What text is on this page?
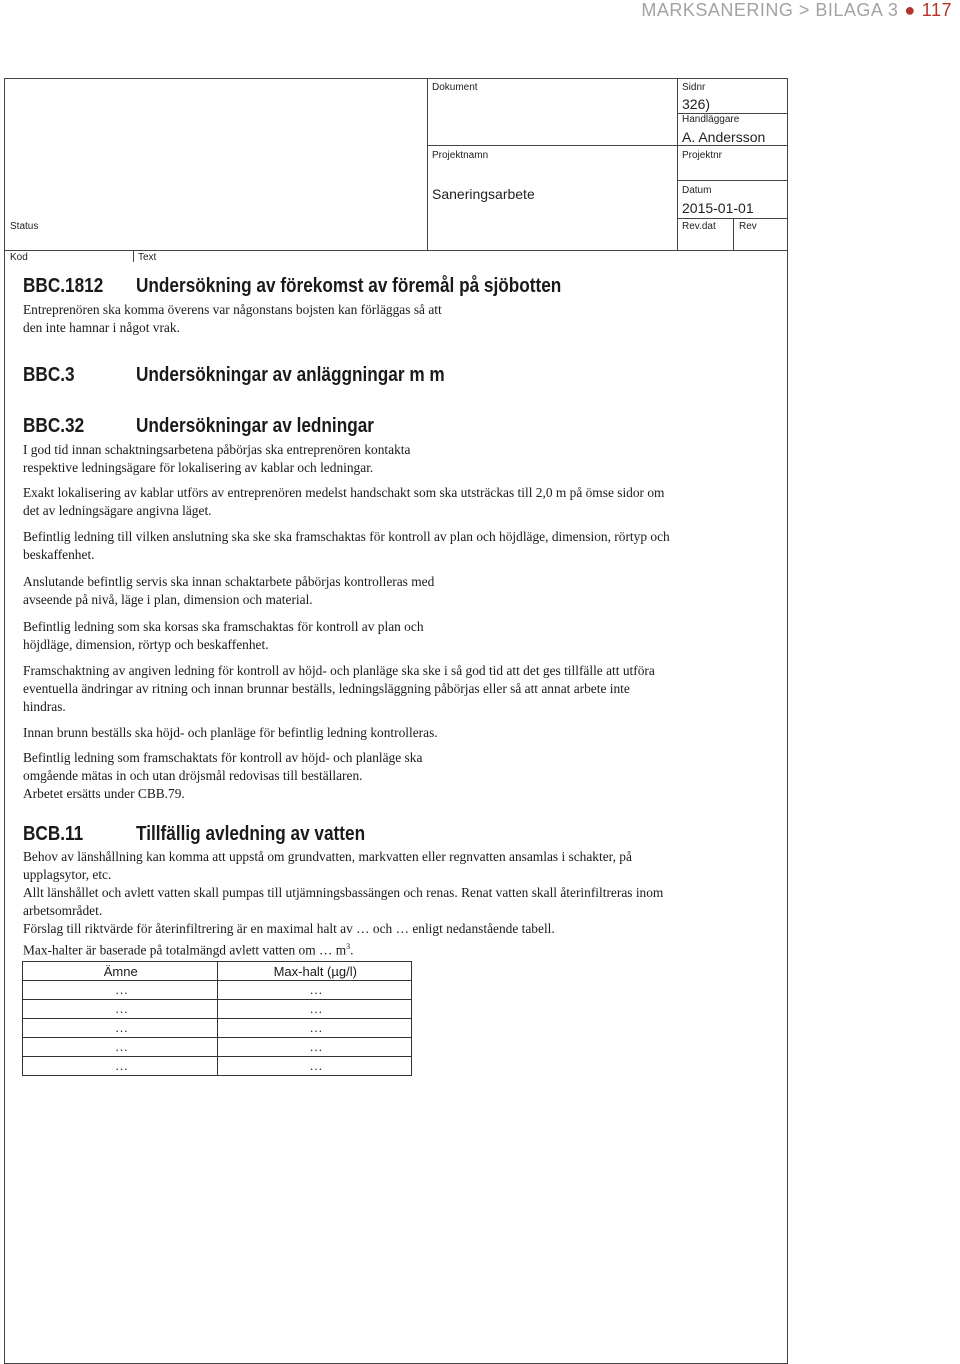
MARKSANERING > BILAGA 3 ● 117
Dokument	Sidnr
326)
Handläggare
A. Andersson
Projektnamn
Saneringsarbete
Projektnr
Datum
2015-01-01
Status	Rev.dat Rev
Kod	Text
BBC.1812 Undersökning av förekomst av föremål på sjöbotten
Entreprenören ska komma överens var någonstans bojsten kan förläggas så att
den inte hamnar i något vrak.
BBC.3	Undersökningar av anläggningar m m
BBC.32	Undersökningar av ledningar
I god tid innan schaktningsarbetena påbörjas ska entreprenören kontakta
respektive ledningsägare för lokalisering av kablar och ledningar.
Exakt lokalisering av kablar utförs av entreprenören medelst handschakt som ska utsträckas till 2,0 m på ömse sidor om
det av ledningsägare angivna läget.
Befintlig ledning till vilken anslutning ska ske ska framschaktas för kontroll av plan och höjdläge, dimension, rörtyp och
beskaffenhet.
Anslutande befintlig servis ska innan schaktarbete påbörjas kontrolleras med
avseende på nivå, läge i plan, dimension och material.
Befintlig ledning som ska korsas ska framschaktas för kontroll av plan och
höjdläge, dimension, rörtyp och beskaffenhet.
Framschaktning av angiven ledning för kontroll av höjd- och planläge ska ske i så god tid att det ges tillfälle att utföra
eventuella ändringar av ritning och innan brunnar beställs, ledningsläggning påbörjas eller så att annat arbete inte
hindras.
Innan brunn beställs ska höjd- och planläge för befintlig ledning kontrolleras.
Befintlig ledning som framschaktats för kontroll av höjd- och planläge ska
omgående mätas in och utan dröjsmål redovisas till beställaren.
Arbetet ersätts under CBB.79.
BCB.11	Tillfällig avledning av vatten
Behov av länshållning kan komma att uppstå om grundvatten, markvatten eller regnvatten ansamlas i schakter, på
upplagsytor, etc.
Allt länshållet och avlett vatten skall pumpas till utjämningsbassängen och renas. Renat vatten skall återinfiltreras inom
arbetsområdet.
Förslag till riktvärde för återinfiltrering är en maximal halt av … och … enligt nedanstående tabell.
Max-halter är baserade på totalmängd avlett vatten om … $m^3$.
Ämne	Max-halt (µg/l)
…	…
…	…
…	…
…	…
…	…
